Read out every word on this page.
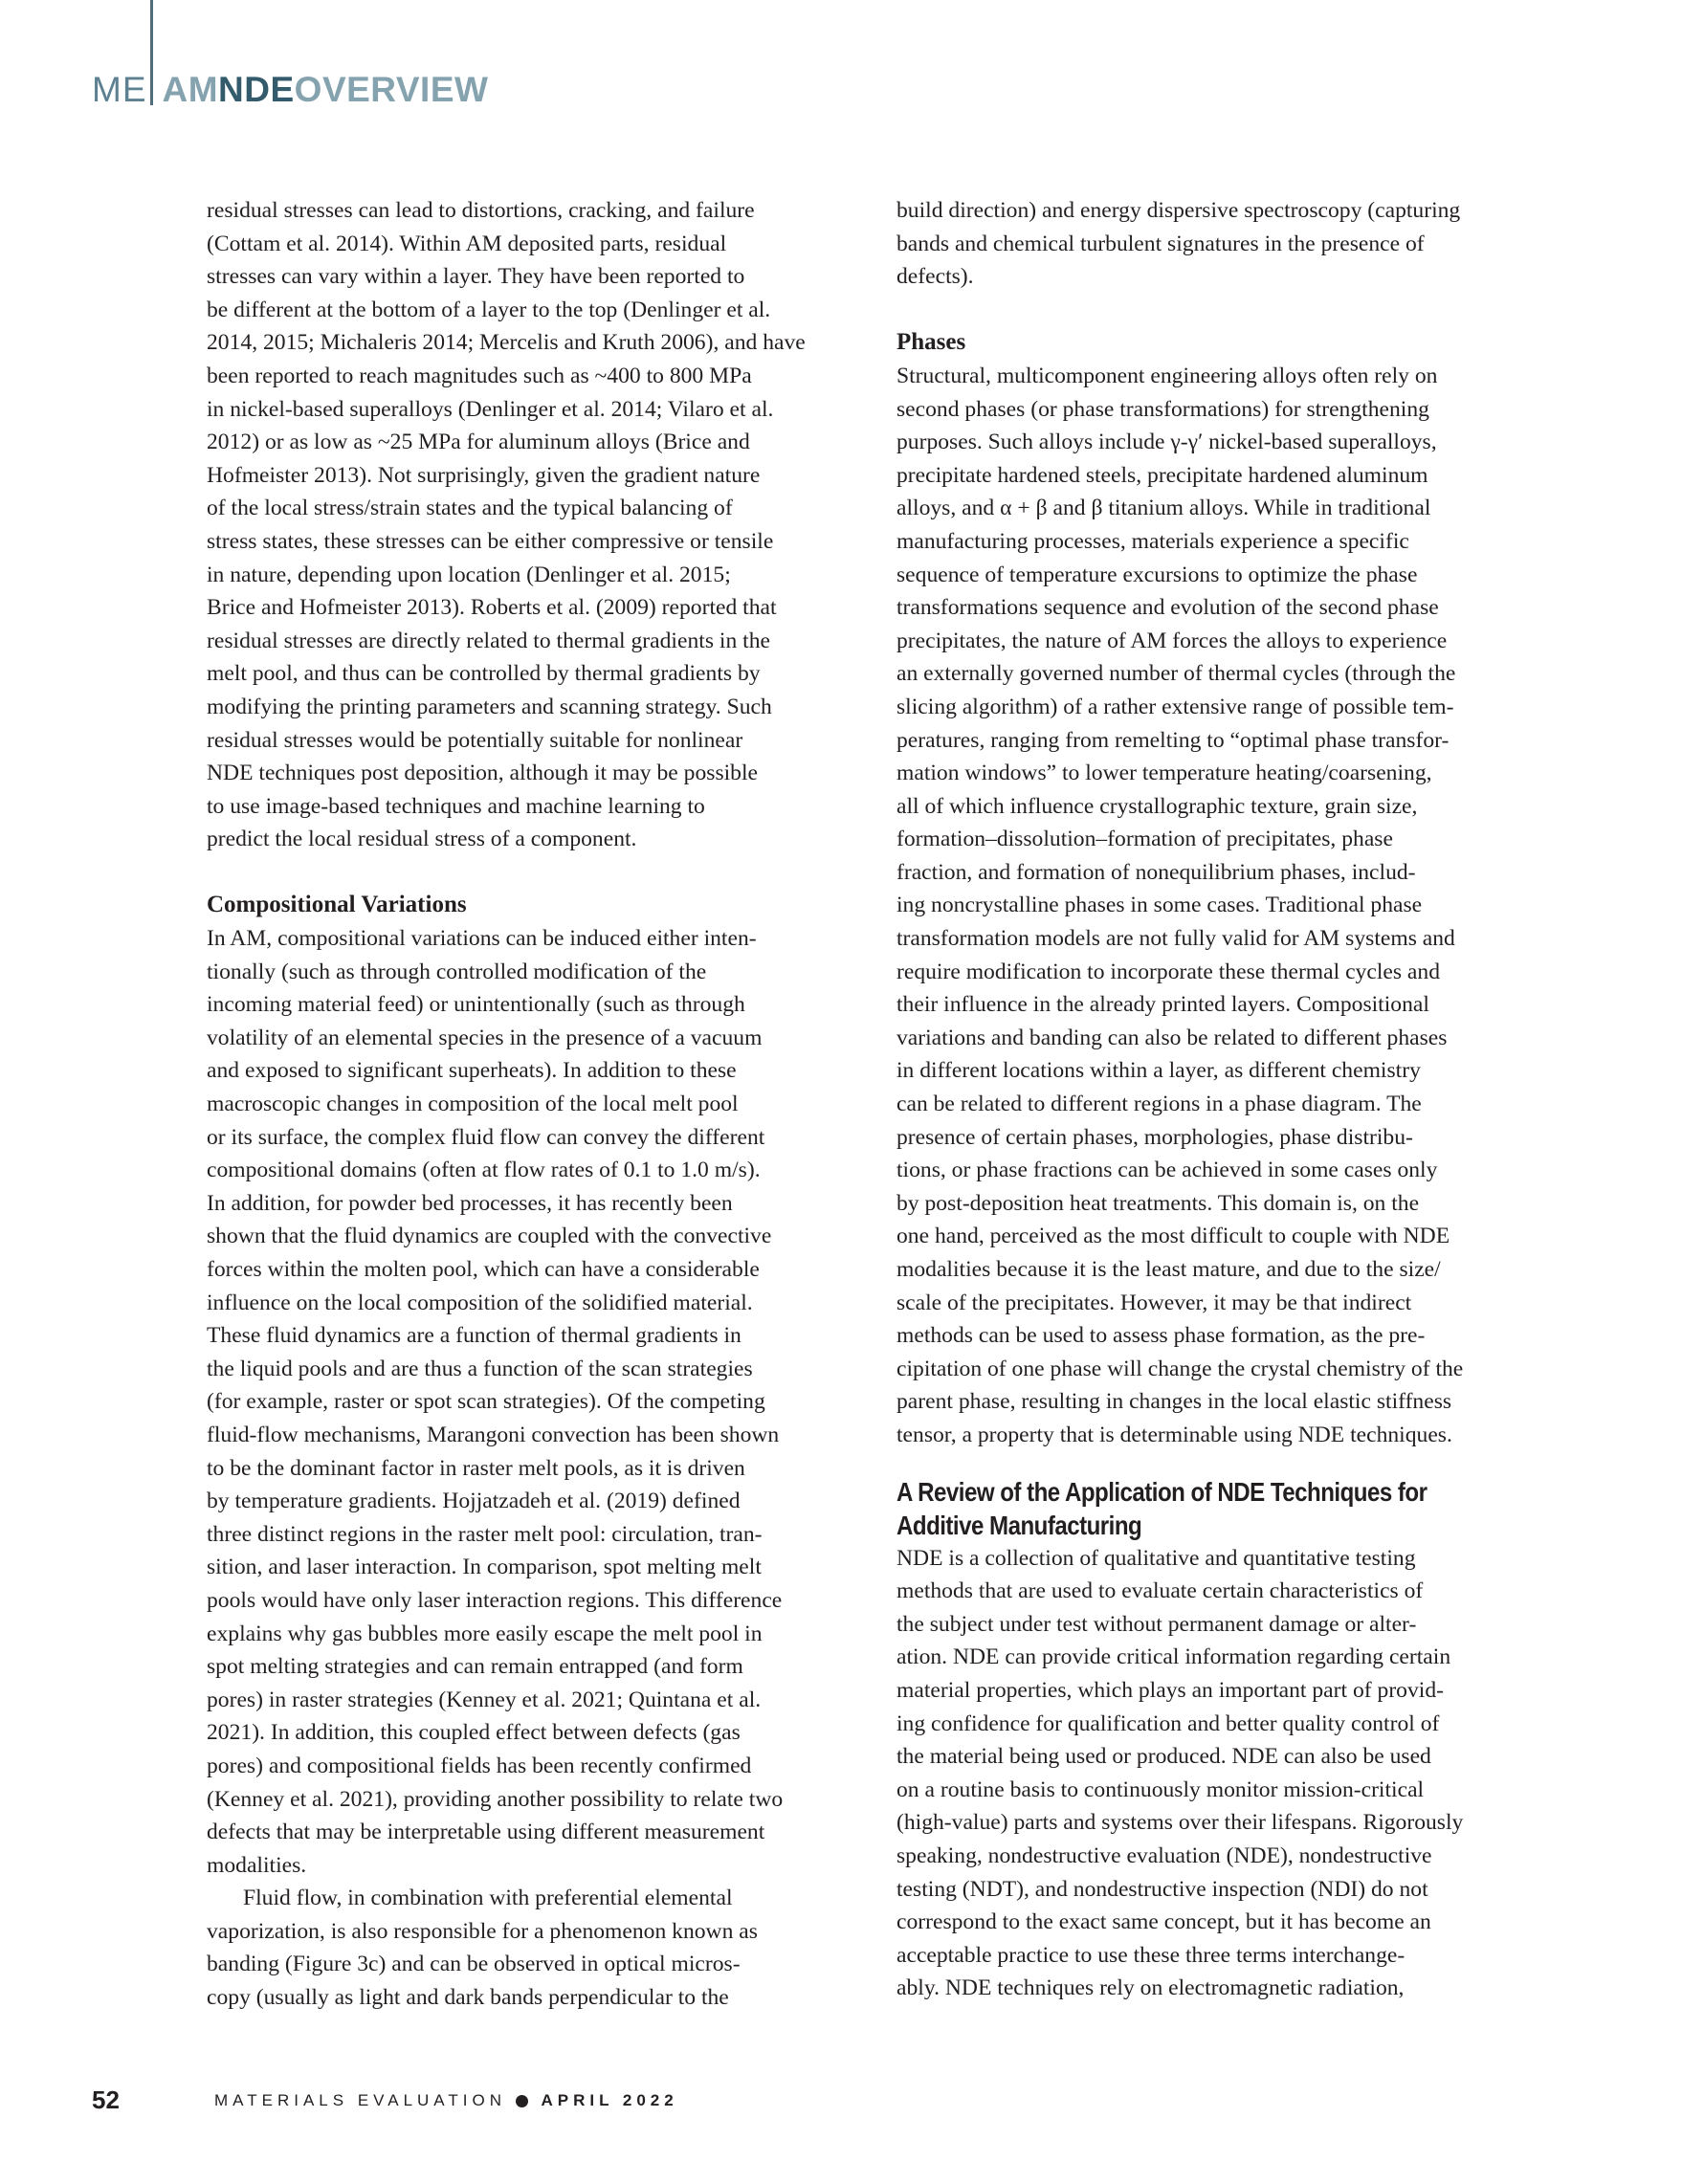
ME AMNDEOVERVIEW
residual stresses can lead to distortions, cracking, and failure
(Cottam et al. 2014). Within AM deposited parts, residual
stresses can vary within a layer. They have been reported to
be different at the bottom of a layer to the top (Denlinger et al.
2014, 2015; Michaleris 2014; Mercelis and Kruth 2006), and have
been reported to reach magnitudes such as ~400 to 800 MPa
in nickel-based superalloys (Denlinger et al. 2014; Vilaro et al.
2012) or as low as ~25 MPa for aluminum alloys (Brice and
Hofmeister 2013). Not surprisingly, given the gradient nature
of the local stress/strain states and the typical balancing of
stress states, these stresses can be either compressive or tensile
in nature, depending upon location (Denlinger et al. 2015;
Brice and Hofmeister 2013). Roberts et al. (2009) reported that
residual stresses are directly related to thermal gradients in the
melt pool, and thus can be controlled by thermal gradients by
modifying the printing parameters and scanning strategy. Such
residual stresses would be potentially suitable for nonlinear
NDE techniques post deposition, although it may be possible
to use image-based techniques and machine learning to
predict the local residual stress of a component.
Compositional Variations
In AM, compositional variations can be induced either inten-
tionally (such as through controlled modification of the
incoming material feed) or unintentionally (such as through
volatility of an elemental species in the presence of a vacuum
and exposed to significant superheats). In addition to these
macroscopic changes in composition of the local melt pool
or its surface, the complex fluid flow can convey the different
compositional domains (often at flow rates of 0.1 to 1.0 m/s).
In addition, for powder bed processes, it has recently been
shown that the fluid dynamics are coupled with the convective
forces within the molten pool, which can have a considerable
influence on the local composition of the solidified material.
These fluid dynamics are a function of thermal gradients in
the liquid pools and are thus a function of the scan strategies
(for example, raster or spot scan strategies). Of the competing
fluid-flow mechanisms, Marangoni convection has been shown
to be the dominant factor in raster melt pools, as it is driven
by temperature gradients. Hojjatzadeh et al. (2019) defined
three distinct regions in the raster melt pool: circulation, tran-
sition, and laser interaction. In comparison, spot melting melt
pools would have only laser interaction regions. This difference
explains why gas bubbles more easily escape the melt pool in
spot melting strategies and can remain entrapped (and form
pores) in raster strategies (Kenney et al. 2021; Quintana et al.
2021). In addition, this coupled effect between defects (gas
pores) and compositional fields has been recently confirmed
(Kenney et al. 2021), providing another possibility to relate two
defects that may be interpretable using different measurement
modalities.
Fluid flow, in combination with preferential elemental
vaporization, is also responsible for a phenomenon known as
banding (Figure 3c) and can be observed in optical micros-
copy (usually as light and dark bands perpendicular to the
build direction) and energy dispersive spectroscopy (capturing
bands and chemical turbulent signatures in the presence of
defects).
Phases
Structural, multicomponent engineering alloys often rely on
second phases (or phase transformations) for strengthening
purposes. Such alloys include γ-γ′ nickel-based superalloys,
precipitate hardened steels, precipitate hardened aluminum
alloys, and α + β and β titanium alloys. While in traditional
manufacturing processes, materials experience a specific
sequence of temperature excursions to optimize the phase
transformations sequence and evolution of the second phase
precipitates, the nature of AM forces the alloys to experience
an externally governed number of thermal cycles (through the
slicing algorithm) of a rather extensive range of possible tem-
peratures, ranging from remelting to “optimal phase transfor-
mation windows” to lower temperature heating/coarsening,
all of which influence crystallographic texture, grain size,
formation–dissolution–formation of precipitates, phase
fraction, and formation of nonequilibrium phases, includ-
ing noncrystalline phases in some cases. Traditional phase
transformation models are not fully valid for AM systems and
require modification to incorporate these thermal cycles and
their influence in the already printed layers. Compositional
variations and banding can also be related to different phases
in different locations within a layer, as different chemistry
can be related to different regions in a phase diagram. The
presence of certain phases, morphologies, phase distribu-
tions, or phase fractions can be achieved in some cases only
by post-deposition heat treatments. This domain is, on the
one hand, perceived as the most difficult to couple with NDE
modalities because it is the least mature, and due to the size/
scale of the precipitates. However, it may be that indirect
methods can be used to assess phase formation, as the pre-
cipitation of one phase will change the crystal chemistry of the
parent phase, resulting in changes in the local elastic stiffness
tensor, a property that is determinable using NDE techniques.
A Review of the Application of NDE Techniques for
Additive Manufacturing
NDE is a collection of qualitative and quantitative testing
methods that are used to evaluate certain characteristics of
the subject under test without permanent damage or alter-
ation. NDE can provide critical information regarding certain
material properties, which plays an important part of provid-
ing confidence for qualification and better quality control of
the material being used or produced. NDE can also be used
on a routine basis to continuously monitor mission-critical
(high-value) parts and systems over their lifespans. Rigorously
speaking, nondestructive evaluation (NDE), nondestructive
testing (NDT), and nondestructive inspection (NDI) do not
correspond to the exact same concept, but it has become an
acceptable practice to use these three terms interchange-
ably. NDE techniques rely on electromagnetic radiation,
52	MATERIALS EVALUATION APRIL 2022
